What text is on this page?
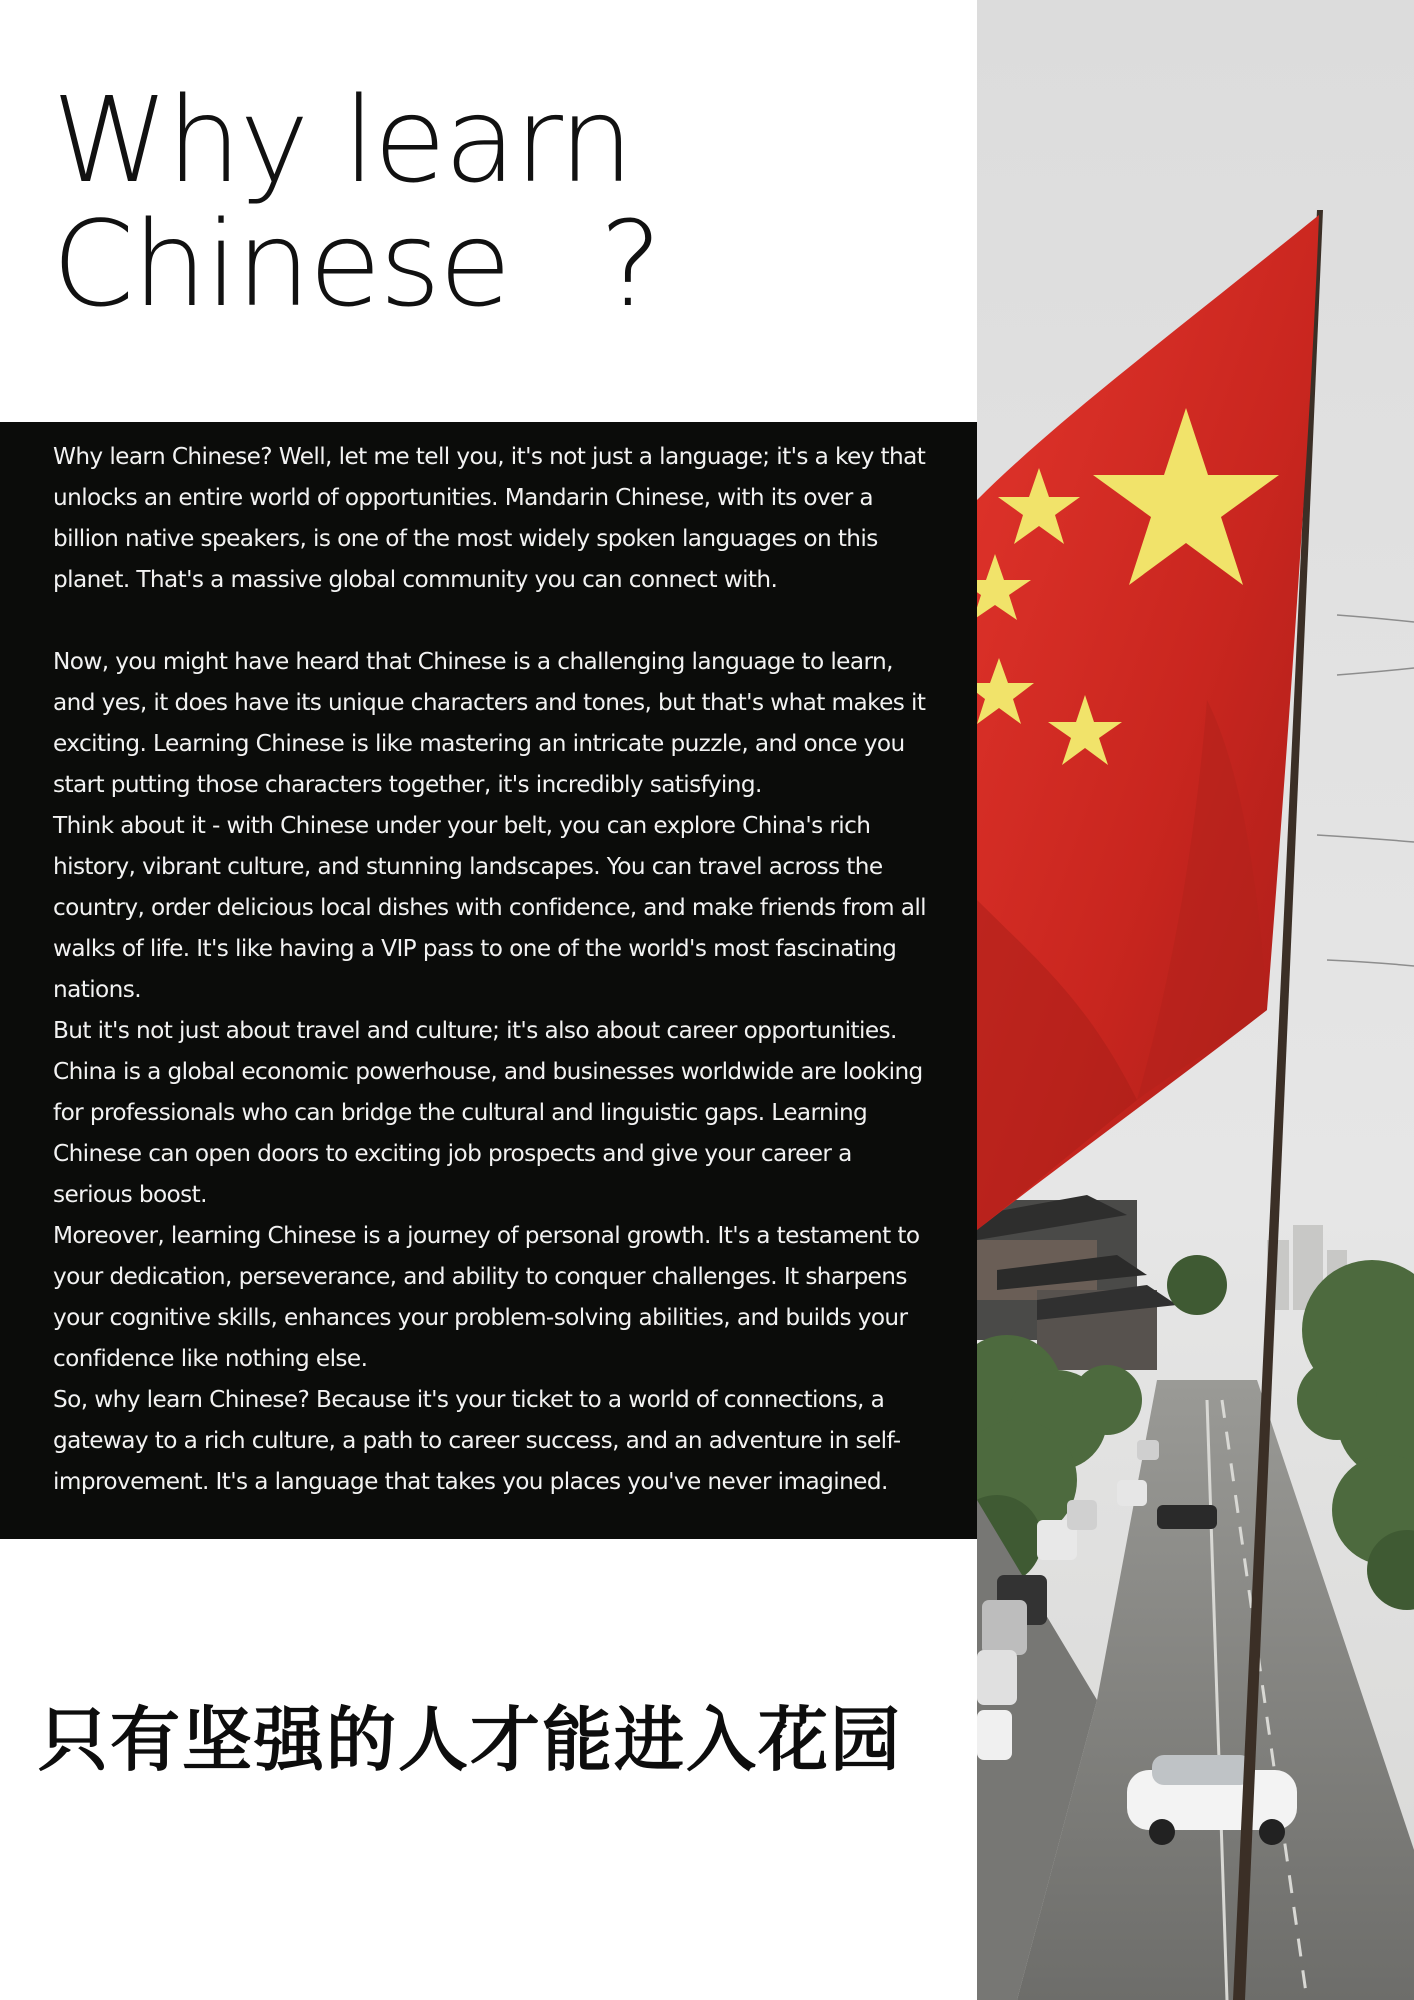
Why learn
Chinese ?

Why learn Chinese? Well, let me tell you, it's not just a language; it's a key that unlocks an entire world of opportunities. Mandarin Chinese, with its over a billion native speakers, is one of the most widely spoken languages on this planet. That's a massive global community you can connect with.

Now, you might have heard that Chinese is a challenging language to learn, and yes, it does have its unique characters and tones, but that's what makes it exciting. Learning Chinese is like mastering an intricate puzzle, and once you start putting those characters together, it's incredibly satisfying.

Think about it - with Chinese under your belt, you can explore China's rich history, vibrant culture, and stunning landscapes. You can travel across the country, order delicious local dishes with confidence, and make friends from all walks of life. It's like having a VIP pass to one of the world's most fascinating nations.

But it's not just about travel and culture; it's also about career opportunities. China is a global economic powerhouse, and businesses worldwide are looking for professionals who can bridge the cultural and linguistic gaps. Learning Chinese can open doors to exciting job prospects and give your career a serious boost.

Moreover, learning Chinese is a journey of personal growth. It's a testament to your dedication, perseverance, and ability to conquer challenges. It sharpens your cognitive skills, enhances your problem-solving abilities, and builds your confidence like nothing else.

So, why learn Chinese? Because it's your ticket to a world of connections, a gateway to a rich culture, a path to career success, and an adventure in self-improvement. It's a language that takes you places you've never imagined.

只有坚强的人才能进入花园
